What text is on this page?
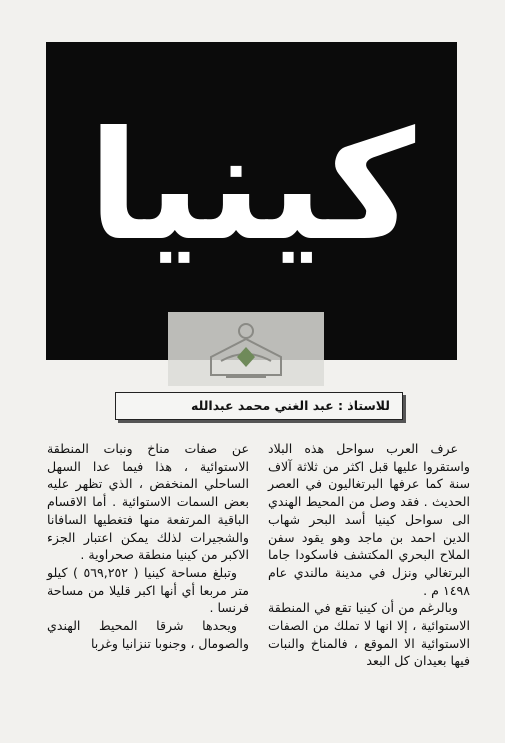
كينيا
للاستاذ : عبد الغني محمد عبدالله

عرف العرب سواحل هذه البلاد واستقروا عليها قبل اكثر من ثلاثة آلاف سنة كما عرفها البرتغاليون في العصر الحديث . فقد وصل من المحيط الهندي الى سواحل كينيا أسد البحر شهاب الدين احمد بن ماجد وهو يقود سفن الملاح البحري المكتشف فاسكودا جاما البرتغالي ونزل في مدينة مالندي عام ١٤٩٨ م .

وبالرغم من أن كينيا تقع في المنطقة الاستوائية ، إلا انها لا تملك من الصفات الاستوائية الا الموقع ، فالمناخ والنبات فيها بعيدان كل البعد

عن صفات مناخ ونبات المنطقة الاستوائية ، هذا فيما عدا السهل الساحلي المنخفض ، الذي تظهر عليه بعض السمات الاستوائية . أما الاقسام الباقية المرتفعة منها فتغطيها السافانا والشجيرات لذلك يمكن اعتبار الجزء الاكبر من كينيا منطقة صحراوية .

وتبلغ مساحة كينيا ( ٥٦٩,٢٥٢ ) كيلو متر مربعا أي أنها اكبر قليلا من مساحة فرنسا .

ويحدها شرقا المحيط الهندي والصومال ، وجنوبا تنزانيا وغربا
